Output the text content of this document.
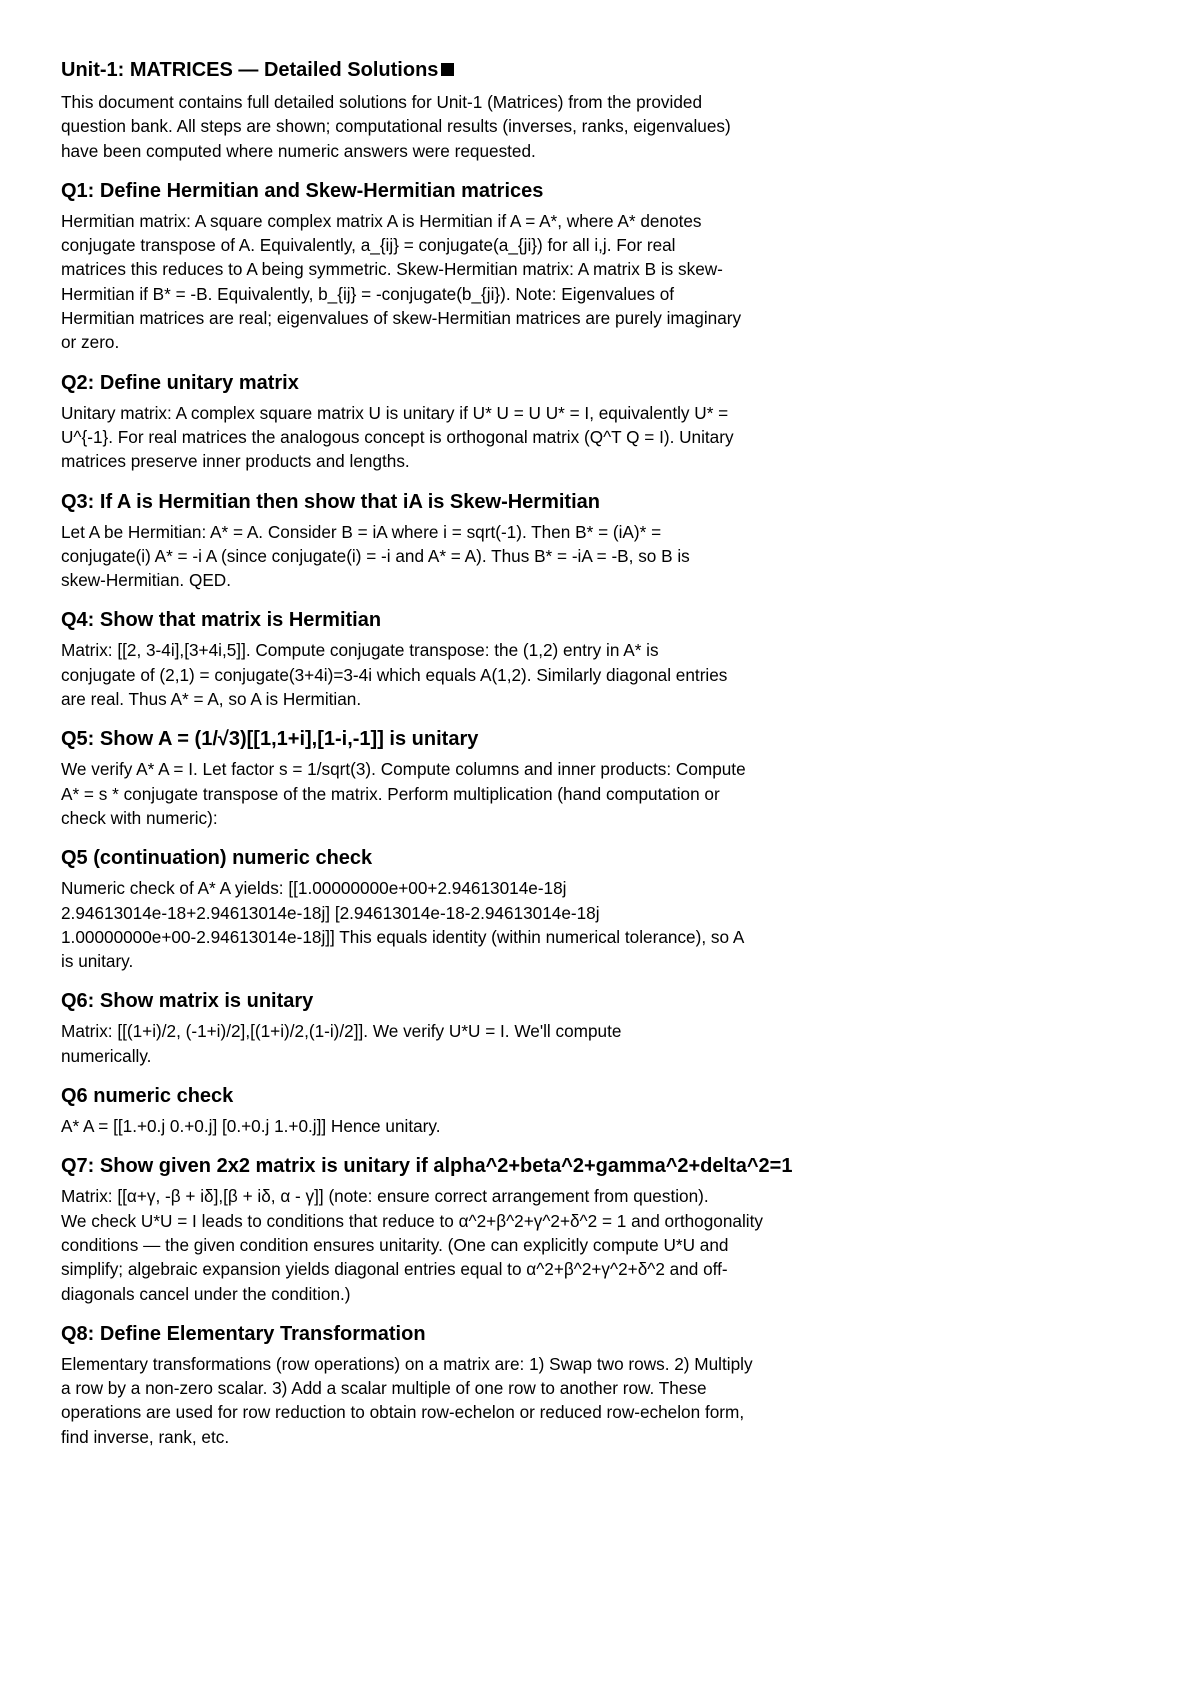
Unit-1: MATRICES — Detailed Solutions

This document contains full detailed solutions for Unit-1 (Matrices) from the provided
question bank. All steps are shown; computational results (inverses, ranks, eigenvalues)
have been computed where numeric answers were requested.

Q1: Define Hermitian and Skew-Hermitian matrices

Hermitian matrix: A square complex matrix A is Hermitian if A = A*, where A* denotes
conjugate transpose of A. Equivalently, a_{ij} = conjugate(a_{ji}) for all i,j. For real
matrices this reduces to A being symmetric. Skew-Hermitian matrix: A matrix B is skew-
Hermitian if B* = -B. Equivalently, b_{ij} = -conjugate(b_{ji}). Note: Eigenvalues of
Hermitian matrices are real; eigenvalues of skew-Hermitian matrices are purely imaginary
or zero.

Q2: Define unitary matrix

Unitary matrix: A complex square matrix U is unitary if U* U = U U* = I, equivalently U* =
U^{-1}. For real matrices the analogous concept is orthogonal matrix (Q^T Q = I). Unitary
matrices preserve inner products and lengths.

Q3: If A is Hermitian then show that iA is Skew-Hermitian

Let A be Hermitian: A* = A. Consider B = iA where i = sqrt(-1). Then B* = (iA)* =
conjugate(i) A* = -i A (since conjugate(i) = -i and A* = A). Thus B* = -iA = -B, so B is
skew-Hermitian. QED.

Q4: Show that matrix is Hermitian

Matrix: [[2, 3-4i],[3+4i,5]]. Compute conjugate transpose: the (1,2) entry in A* is
conjugate of (2,1) = conjugate(3+4i)=3-4i which equals A(1,2). Similarly diagonal entries
are real. Thus A* = A, so A is Hermitian.

Q5: Show A = (1/√3)[[1,1+i],[1-i,-1]] is unitary

We verify A* A = I. Let factor s = 1/sqrt(3). Compute columns and inner products: Compute
A* = s * conjugate transpose of the matrix. Perform multiplication (hand computation or
check with numeric):

Q5 (continuation) numeric check

Numeric check of A* A yields: [[1.00000000e+00+2.94613014e-18j
2.94613014e-18+2.94613014e-18j] [2.94613014e-18-2.94613014e-18j
1.00000000e+00-2.94613014e-18j]] This equals identity (within numerical tolerance), so A
is unitary.

Q6: Show matrix is unitary

Matrix: [[(1+i)/2, (-1+i)/2],[(1+i)/2,(1-i)/2]]. We verify U*U = I. We'll compute
numerically.

Q6 numeric check

A* A = [[1.+0.j 0.+0.j] [0.+0.j 1.+0.j]] Hence unitary.

Q7: Show given 2x2 matrix is unitary if alpha^2+beta^2+gamma^2+delta^2=1

Matrix: [[α+γ, -β + iδ],[β + iδ, α - γ]] (note: ensure correct arrangement from question).
We check U*U = I leads to conditions that reduce to α^2+β^2+γ^2+δ^2 = 1 and orthogonality
conditions — the given condition ensures unitarity. (One can explicitly compute U*U and
simplify; algebraic expansion yields diagonal entries equal to α^2+β^2+γ^2+δ^2 and off-
diagonals cancel under the condition.)

Q8: Define Elementary Transformation

Elementary transformations (row operations) on a matrix are: 1) Swap two rows. 2) Multiply
a row by a non-zero scalar. 3) Add a scalar multiple of one row to another row. These
operations are used for row reduction to obtain row-echelon or reduced row-echelon form,
find inverse, rank, etc.
